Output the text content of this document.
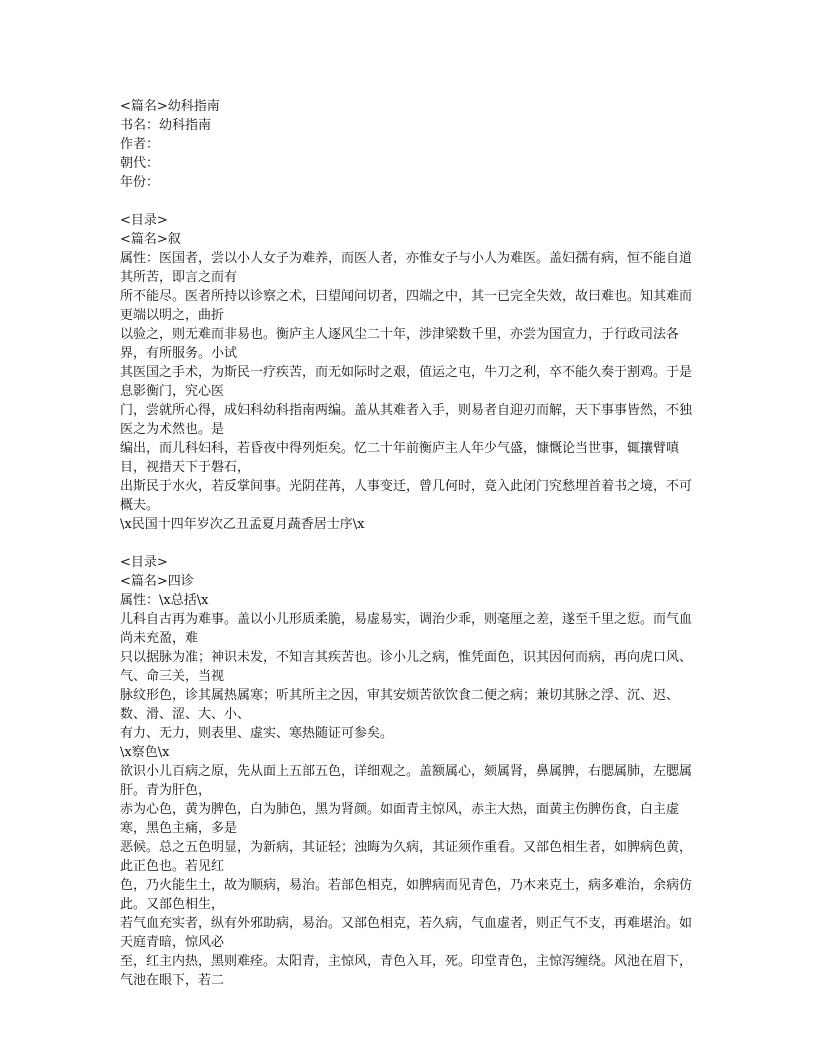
<篇名>幼科指南
书名：幼科指南
作者：
朝代：
年份：
<目录>
<篇名>叙
属性：医国者，尝以小人女子为难养，而医人者，亦惟女子与小人为难医。盖妇孺有病，恒不能自道其所苦，即言之而有
所不能尽。医者所持以诊察之术，曰望闻问切者，四端之中，其一已完全失效，故曰难也。知其难而更端以明之，曲折
以验之，则无难而非易也。衡庐主人逐风尘二十年，涉津梁数千里，亦尝为国宣力，于行政司法各界，有所服务。小试
其医国之手术，为斯民一疗疾苦，而无如际时之艰，值运之屯，牛刀之利，卒不能久奏于割鸡。于是息影衡门，究心医
门，尝就所心得，成妇科幼科指南两编。盖从其难者入手，则易者自迎刃而解，天下事事皆然，不独医之为术然也。是
编出，而儿科妇科，若昏夜中得列炬矣。忆二十年前衡庐主人年少气盛，慷慨论当世事，辄攘臂嗔目，视措天下于磐石，
出斯民于水火，若反掌间事。光阴荏苒，人事变迁，曾几何时，竟入此闭门究愁埋首着书之境，不可概夫。
\x民国十四年岁次乙丑孟夏月蔬香居士序\x
<目录>
<篇名>四诊
属性：\x总括\x
儿科自古再为难事。盖以小儿形质柔脆，易虚易实，调治少乖，则毫厘之差，遂至千里之愆。而气血尚未充盈，难
只以据脉为准；神识未发，不知言其疾苦也。诊小儿之病，惟凭面色，识其因何而病，再向虎口风、气、命三关，当视
脉纹形色，诊其属热属寒；听其所主之因，审其安烦苦欲饮食二便之病；兼切其脉之浮、沉、迟、数、滑、涩、大、小、
有力、无力，则表里、虚实、寒热随证可参矣。
\x察色\x
欲识小儿百病之原，先从面上五部五色，详细观之。盖额属心，颏属肾，鼻属脾，右腮属肺，左腮属肝。青为肝色，
赤为心色，黄为脾色，白为肺色，黑为肾颜。如面青主惊风，赤主大热，面黄主伤脾伤食，白主虚寒，黑色主痛，多是
恶候。总之五色明显，为新病，其证轻；浊晦为久病，其证须作重看。又部色相生者，如脾病色黄，此正色也。若见红
色，乃火能生土，故为顺病，易治。若部色相克，如脾病而见青色，乃木来克土，病多难治，余病仿此。又部色相生，
若气血充实者，纵有外邪助病，易治。又部色相克，若久病，气血虚者，则正气不支，再难堪治。如天庭青暗，惊风必
至，红主内热，黑则难痊。太阳青，主惊风，青色入耳，死。印堂青色，主惊泻缠绕。风池在眉下，气池在眼下，若二
